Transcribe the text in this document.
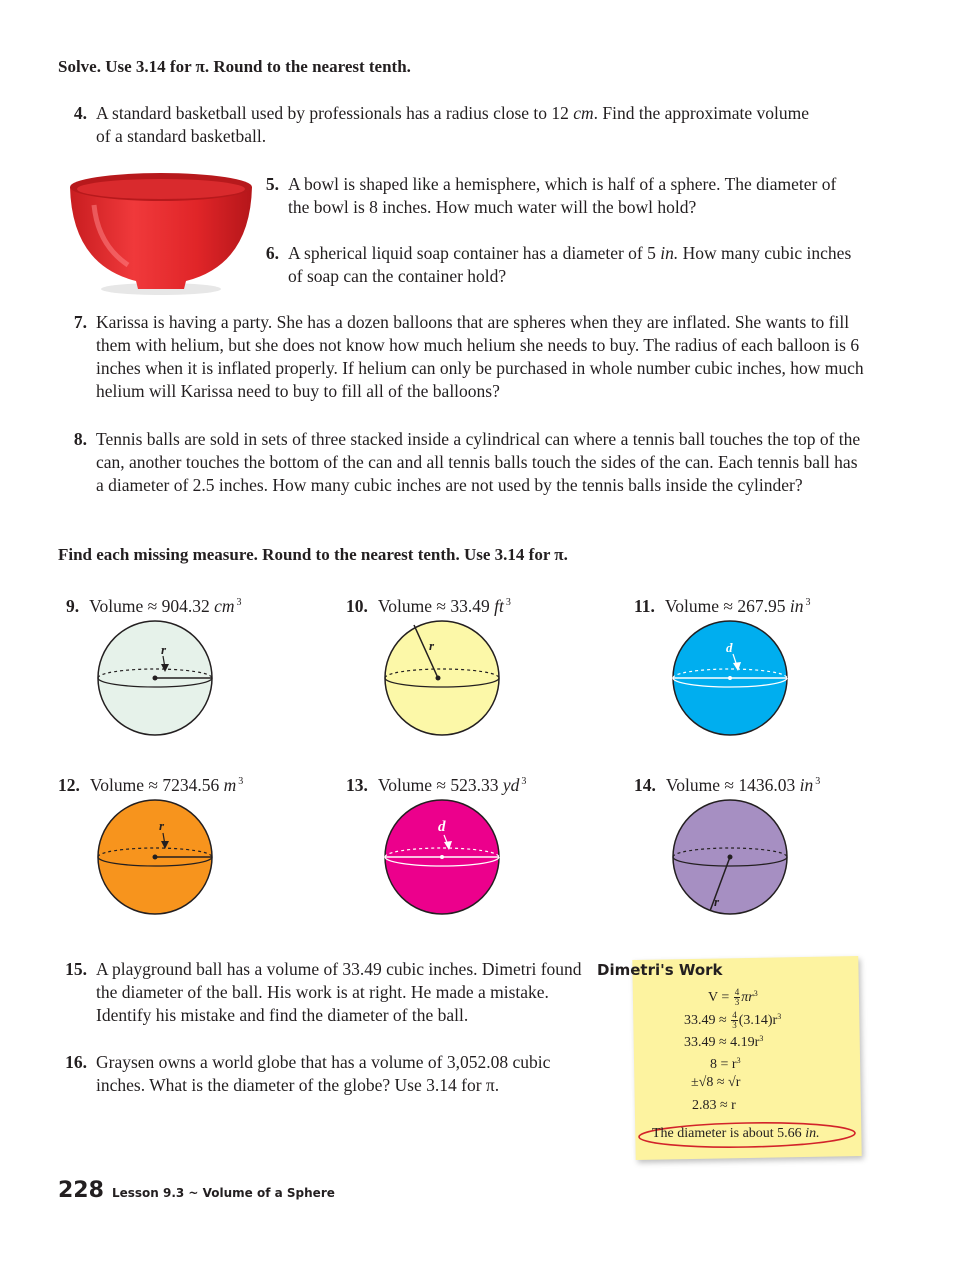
Solve. Use 3.14 for π. Round to the nearest tenth.
4. A standard basketball used by professionals has a radius close to 12 cm. Find the approximate volume of a standard basketball.
5. A bowl is shaped like a hemisphere, which is half of a sphere. The diameter of the bowl is 8 inches. How much water will the bowl hold?
6. A spherical liquid soap container has a diameter of 5 in. How many cubic inches of soap can the container hold?
7. Karissa is having a party. She has a dozen balloons that are spheres when they are inflated. She wants to fill them with helium, but she does not know how much helium she needs to buy. The radius of each balloon is 6 inches when it is inflated properly. If helium can only be purchased in whole number cubic inches, how much helium will Karissa need to buy to fill all of the balloons?
8. Tennis balls are sold in sets of three stacked inside a cylindrical can where a tennis ball touches the top of the can, another touches the bottom of the can and all tennis balls touch the sides of the can. Each tennis ball has a diameter of 2.5 inches. How many cubic inches are not used by the tennis balls inside the cylinder?
Find each missing measure. Round to the nearest tenth. Use 3.14 for π.
9. Volume ≈ 904.32 cm $^3$	10. Volume ≈ 33.49 ft $^3$	11. Volume ≈ 267.95 in $^3$
12. Volume ≈ 7234.56 m $^3$	13. Volume ≈ 523.33 yd $^3$	14. Volume ≈ 1436.03 in $^3$
r	r	d
r	d
r
15. A playground ball has a volume of 33.49 cubic inches. Dimetri found the diameter of the ball. His work is at right. He made a mistake. Identify his mistake and find the diameter of the ball.
16. Graysen owns a world globe that has a volume of 3,052.08 cubic inches. What is the diameter of the globe? Use 3.14 for π.
Dimetri's Work
$V = \frac{4}{3} \pi r^3$
$33.49 \approx \frac{4}{3} (3.14)r^3$
$33.49 \approx 4.19r^3$
$8 = r^3$
±√8 ≈ √r
2.83 ≈ r
The diameter is about 5.66 in.
228 Lesson 9.3 ~ Volume of a Sphere
